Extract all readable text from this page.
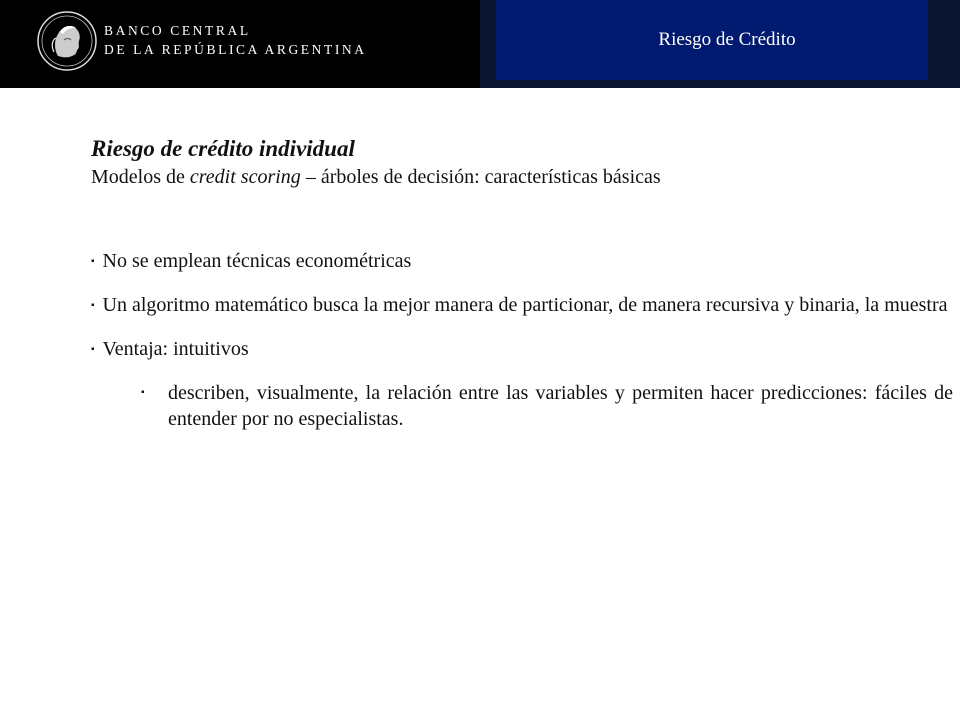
BANCO CENTRAL
DE LA REPÚBLICA ARGENTINA	Riesgo de Crédito
Riesgo de crédito individual
Modelos de credit scoring – árboles de decisión: características básicas
▪ No se emplean técnicas econométricas
▪ Un algoritmo matemático busca la mejor manera de particionar, de manera recursiva y binaria, la muestra
▪ Ventaja: intuitivos
▪ describen, visualmente, la relación entre las variables y permiten hacer predicciones: fáciles de entender por no especialistas.
